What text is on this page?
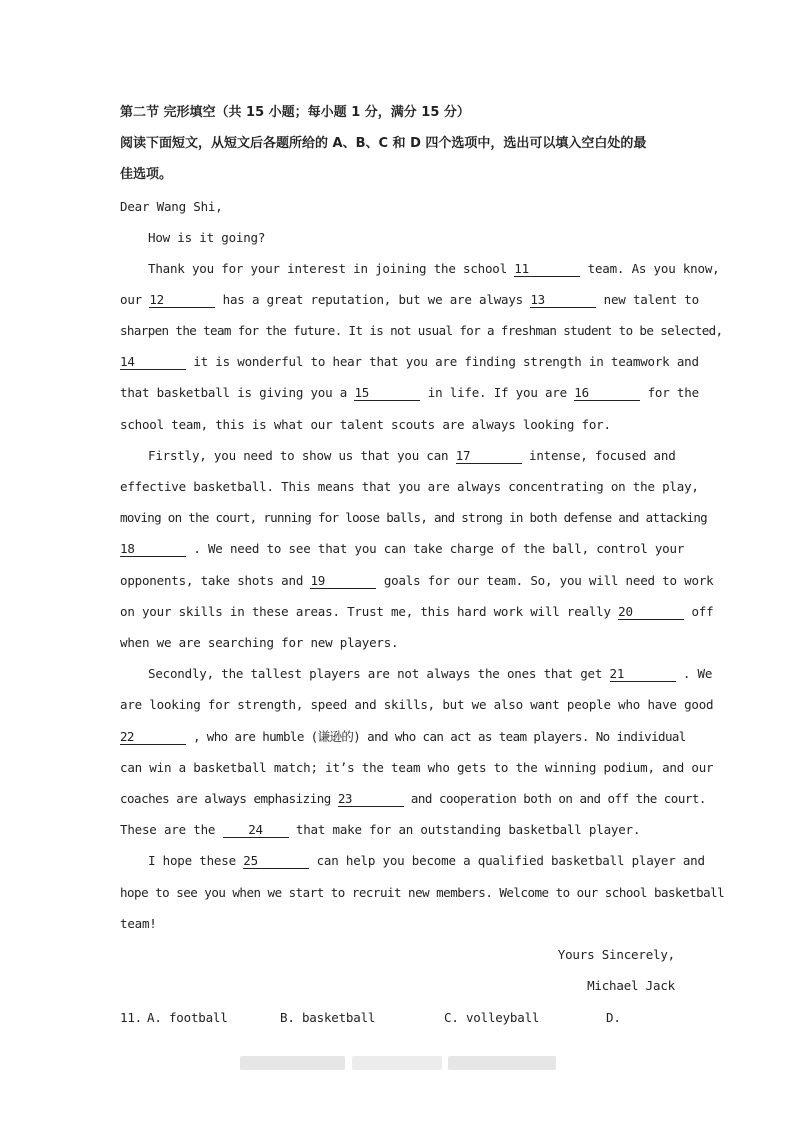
第二节 完形填空（共 15 小题；每小题 1 分，满分 15 分）
阅读下面短文，从短文后各题所给的 A、B、C 和 D 四个选项中，选出可以填入空白处的最
佳选项。
Dear Wang Shi,
How is it going?
Thank you for your interest in joining the school 11	team. As you know,
our 12	has a great reputation, but we are always 13	new talent to
sharpen the team for the future. It is not usual for a freshman student to be selected,
14	it is wonderful to hear that you are finding strength in teamwork and
that basketball is giving you a 15	in life. If you are 16	for the
school team, this is what our talent scouts are always looking for.
Firstly, you need to show us that you can 17	intense, focused and
effective basketball. This means that you are always concentrating on the play,
moving on the court, running for loose balls, and strong in both defense and attacking
18	. We need to see that you can take charge of the ball, control your
opponents, take shots and 19	goals for our team. So, you will need to work
on your skills in these areas. Trust me, this hard work will really 20	off
when we are searching for new players.
Secondly, the tallest players are not always the ones that get 21	. We
are looking for strength, speed and skills, but we also want people who have good
22	, who are humble (谦逊的) and who can act as team players. No individual
can win a basketball match; it’s the team who gets to the winning podium, and our
coaches are always emphasizing 23	and cooperation both on and off the court.
These are the	24	that make for an outstanding basketball player.
I hope these 25	can help you become a qualified basketball player and
hope to see you when we start to recruit new members. Welcome to our school basketball
team!
Yours Sincerely,
Michael Jack
11. A. football	B. basketball	C. volleyball	D.
